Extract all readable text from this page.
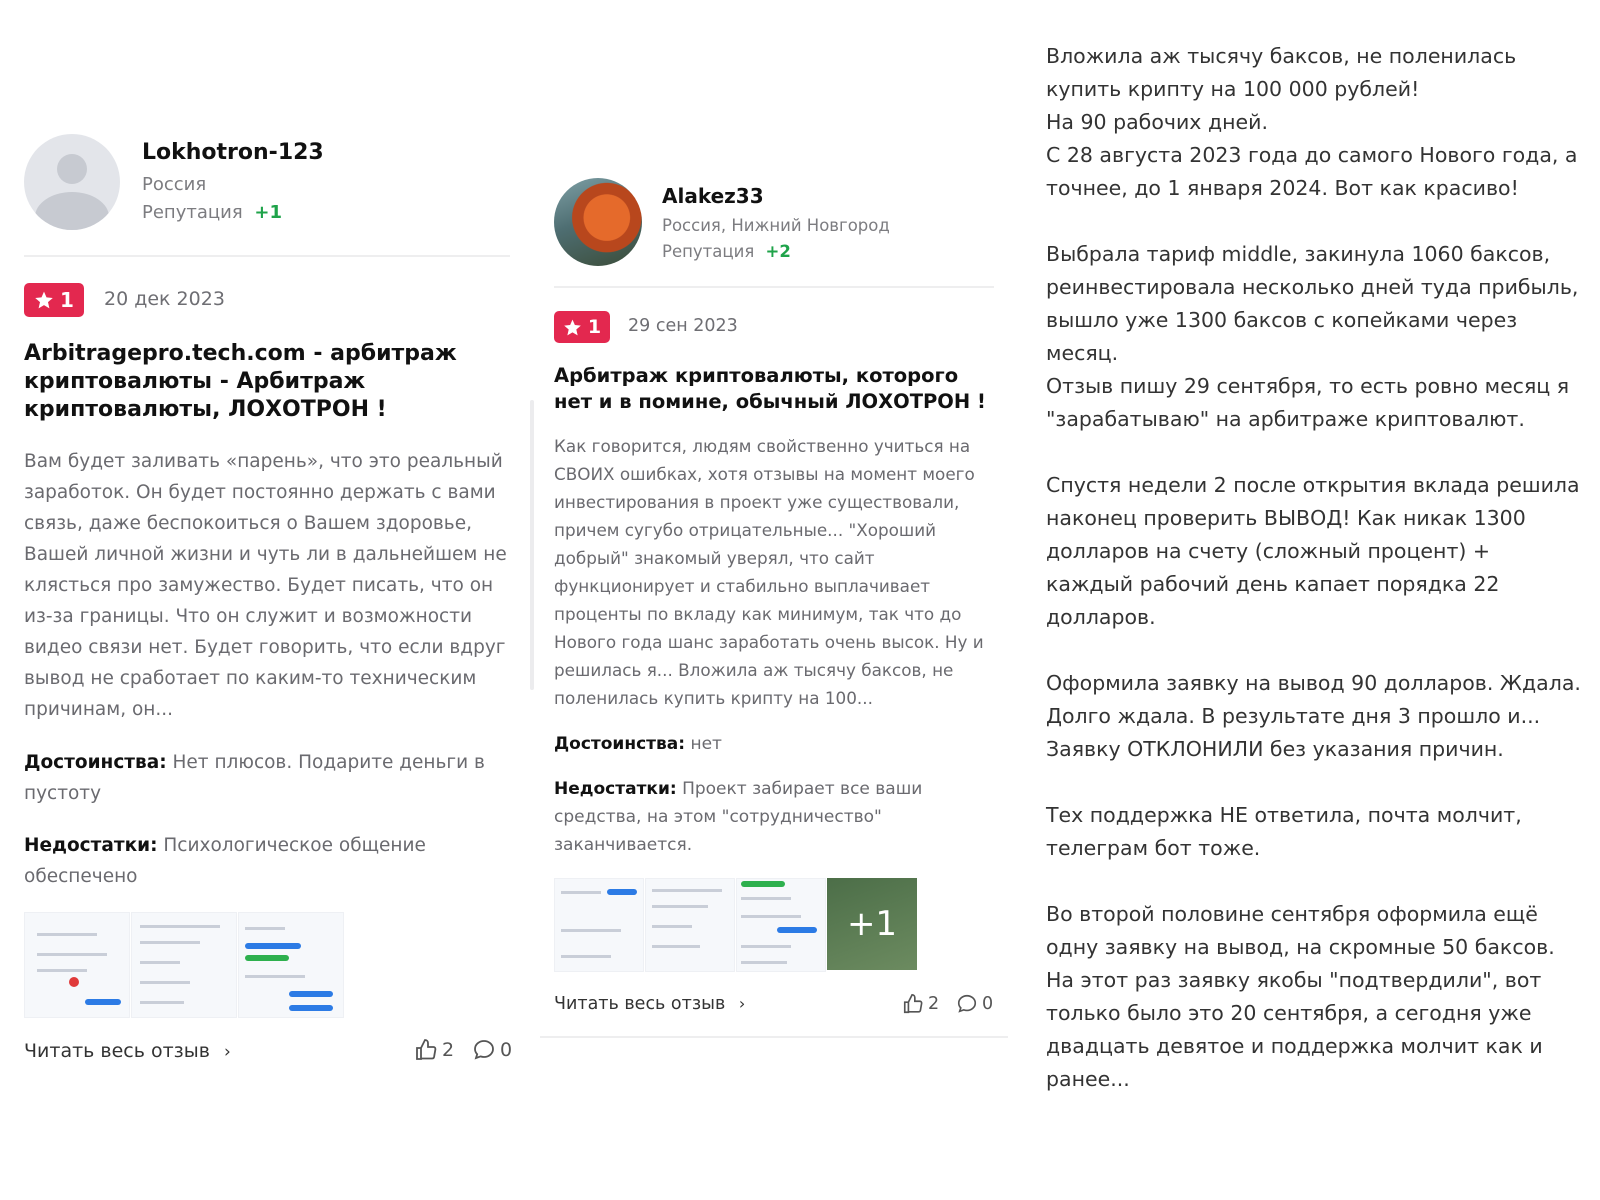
Lokhotron-123
Россия
Репутация +1
1 20 дек 2023
Arbitragepro.tech.com - арбитраж криптовалюты - Арбитраж криптовалюты, ЛОХОТРОН !
Вам будет заливать «парень», что это реальный заработок. Он будет постоянно держать с вами связь, даже беспокоиться о Вашем здоровье, Вашей личной жизни и чуть ли в дальнейшем не клясться про замужество. Будет писать, что он из-за границы. Что он служит и возможности видео связи нет. Будет говорить, что если вдруг вывод не сработает по каким-то техническим причинам, он...
Достоинства: Нет плюсов. Подарите деньги в пустоту
Недостатки: Психологическое общение обеспечено
Читать весь отзыв ›	2 0
Alakez33
Россия, Нижний Новгород
Репутация +2
1 29 сен 2023
Арбитраж криптовалюты, которого нет и в помине, обычный ЛОХОТРОН !
Как говорится, людям свойственно учиться на СВОИХ ошибках, хотя отзывы на момент моего инвестирования в проект уже существовали, причем сугубо отрицательные... "Хороший добрый" знакомый уверял, что сайт функционирует и стабильно выплачивает проценты по вкладу как минимум, так что до Нового года шанс заработать очень высок. Ну и решилась я... Вложила аж тысячу баксов, не поленилась купить крипту на 100...
Достоинства: нет
Недостатки: Проект забирает все ваши средства, на этом "сотрудничество" заканчивается.
+1
Читать весь отзыв ›	2 0

Вложила аж тысячу баксов, не поленилась купить крипту на 100 000 рублей!
На 90 рабочих дней.
С 28 августа 2023 года до самого Нового года, а точнее, до 1 января 2024. Вот как красиво!

Выбрала тариф middle, закинула 1060 баксов, реинвестировала несколько дней туда прибыль, вышло уже 1300 баксов с копейками через месяц.
Отзыв пишу 29 сентября, то есть ровно месяц я "зарабатываю" на арбитраже криптовалют.

Спустя недели 2 после открытия вклада решила наконец проверить ВЫВОД! Как никак 1300 долларов на счету (сложный процент) + каждый рабочий день капает порядка 22 долларов.

Оформила заявку на вывод 90 долларов. Ждала. Долго ждала. В результате дня 3 прошло и... Заявку ОТКЛОНИЛИ без указания причин.

Тех поддержка НЕ ответила, почта молчит, телеграм бот тоже.

Во второй половине сентября оформила ещё одну заявку на вывод, на скромные 50 баксов. На этот раз заявку якобы "подтвердили", вот только было это 20 сентября, а сегодня уже двадцать девятое и поддержка молчит как и ранее...
